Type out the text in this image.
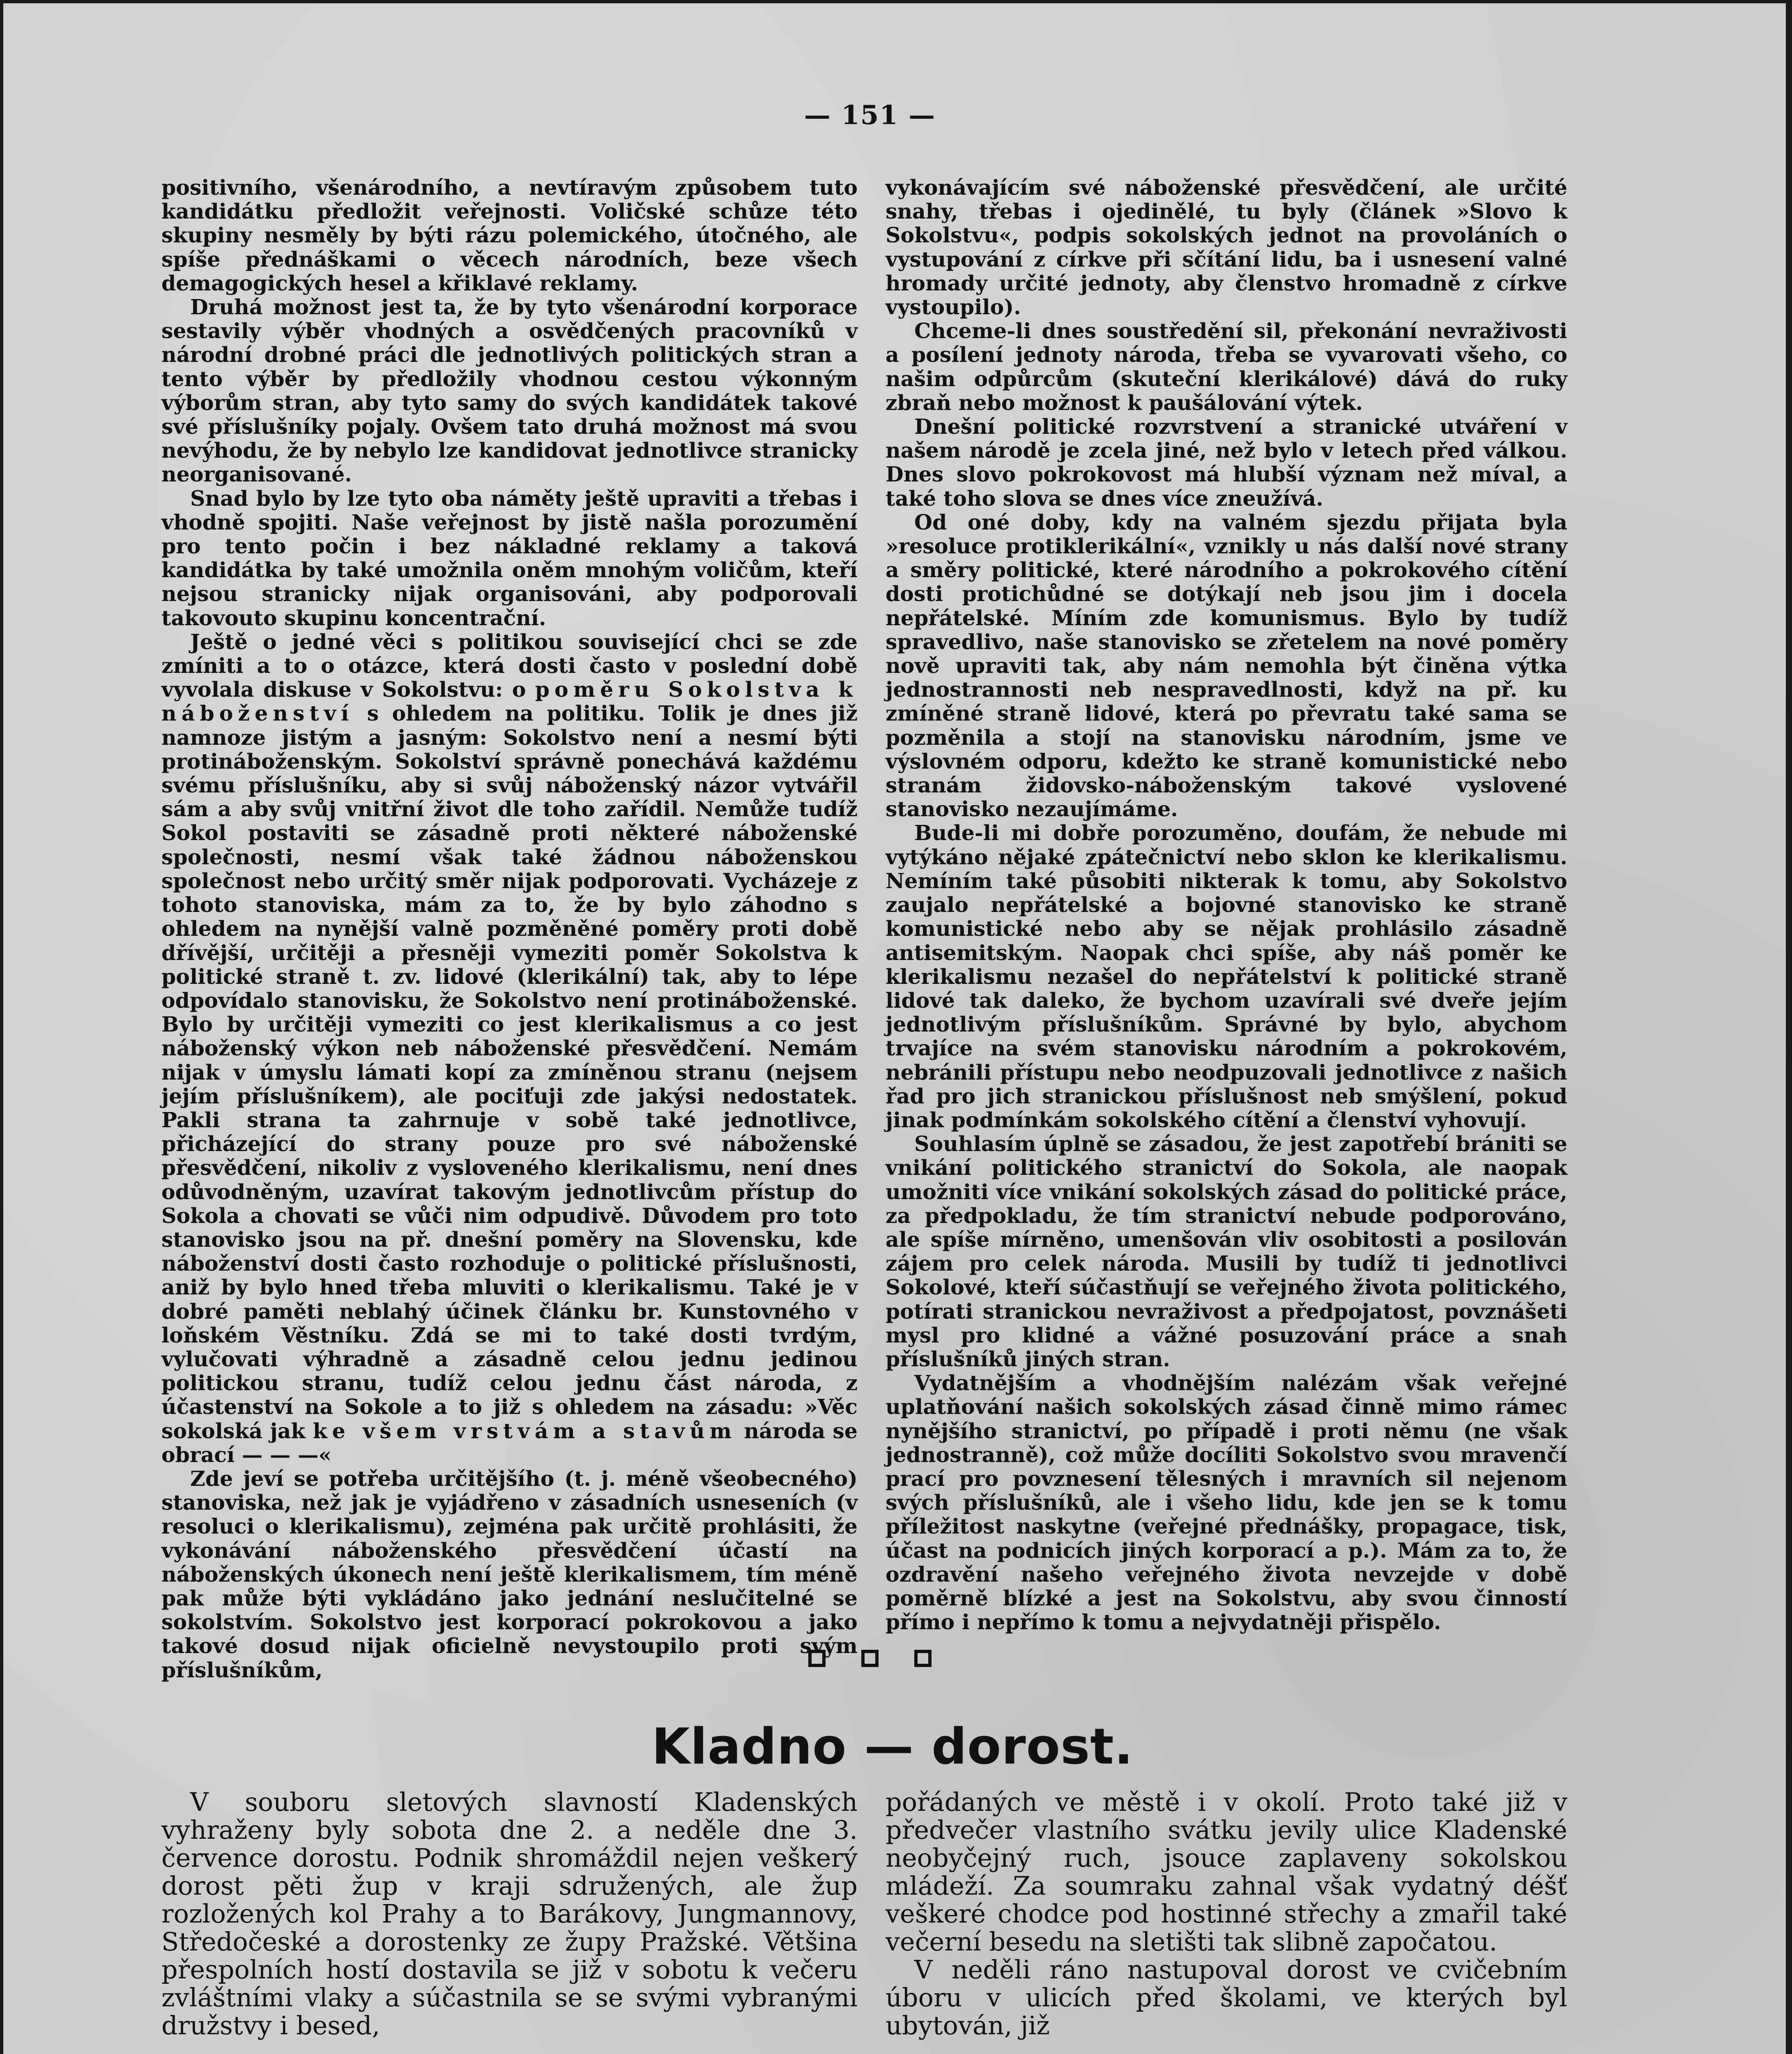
— 151 —

positivního, všenárodního, a nevtíravým způsobem tuto kandidátku předložit veřejnosti. Voličské schůze této skupiny nesměly by býti rázu polemického, útočného, ale spíše přednáškami o věcech národních, beze všech demagogických hesel a křiklavé reklamy.

Druhá možnost jest ta, že by tyto všenárodní korporace sestavily výběr vhodných a osvědčených pracovníků v národní drobné práci dle jednotlivých politických stran a tento výběr by předložily vhodnou cestou výkonným výborům stran, aby tyto samy do svých kandidátek takové své příslušníky pojaly. Ovšem tato druhá možnost má svou nevýhodu, že by nebylo lze kandidovat jednotlivce stranicky neorganisované.

Snad bylo by lze tyto oba náměty ještě upraviti a třebas i vhodně spojiti. Naše veřejnost by jistě našla porozumění pro tento počin i bez nákladné reklamy a taková kandidátka by také umožnila oněm mnohým voličům, kteří nejsou stranicky nijak organisováni, aby podporovali takovouto skupinu koncentrační.

Ještě o jedné věci s politikou související chci se zde zmíniti a to o otázce, která dosti často v poslední době vyvolala diskuse v Sokolstvu: o poměru Sokolstva k náboženství s ohledem na politiku. Tolik je dnes již namnoze jistým a jasným: Sokolstvo není a nesmí býti protináboženským. Sokolství správně ponechává každému svému příslušníku, aby si svůj náboženský názor vytvářil sám a aby svůj vnitřní život dle toho zařídil. Nemůže tudíž Sokol postaviti se zásadně proti některé náboženské společnosti, nesmí však také žádnou náboženskou společnost nebo určitý směr nijak podporovati. Vycházeje z tohoto stanoviska, mám za to, že by bylo záhodno s ohledem na nynější valně pozměněné poměry proti době dřívější, určitěji a přesněji vymeziti poměr Sokolstva k politické straně t. zv. lidové (klerikální) tak, aby to lépe odpovídalo stanovisku, že Sokolstvo není protináboženské. Bylo by určitěji vymeziti co jest klerikalismus a co jest náboženský výkon neb náboženské přesvědčení. Nemám nijak v úmyslu lámati kopí za zmíněnou stranu (nejsem jejím příslušníkem), ale pociťuji zde jakýsi nedostatek. Pakli strana ta zahrnuje v sobě také jednotlivce, přicházející do strany pouze pro své náboženské přesvědčení, nikoliv z vysloveného klerikalismu, není dnes odůvodněným, uzavírat takovým jednotlivcům přístup do Sokola a chovati se vůči nim odpudivě. Důvodem pro toto stanovisko jsou na př. dnešní poměry na Slovensku, kde náboženství dosti často rozhoduje o politické příslušnosti, aniž by bylo hned třeba mluviti o klerikalismu. Také je v dobré paměti neblahý účinek článku br. Kunstovného v loňském Věstníku. Zdá se mi to také dosti tvrdým, vylučovati výhradně a zásadně celou jednu jedinou politickou stranu, tudíž celou jednu část národa, z účastenství na Sokole a to již s ohledem na zásadu: »Věc sokolská jak ke všem vrstvám a stavům národa se obrací — — —«

Zde jeví se potřeba určitějšího (t. j. méně všeobecného) stanoviska, než jak je vyjádřeno v zásadních usneseních (v resoluci o klerikalismu), zejména pak určitě prohlásiti, že vykonávání náboženského přesvědčení účastí na náboženských úkonech není ještě klerikalismem, tím méně pak může býti vykládáno jako jednání neslučitelné se sokolstvím. Sokolstvo jest korporací pokrokovou a jako takové dosud nijak oficielně nevystoupilo proti svým příslušníkům,

vykonávajícím své náboženské přesvědčení, ale určité snahy, třebas i ojedinělé, tu byly (článek »Slovo k Sokolstvu«, podpis sokolských jednot na provoláních o vystupování z církve při sčítání lidu, ba i usnesení valné hromady určité jednoty, aby členstvo hromadně z církve vystoupilo).

Chceme-li dnes soustředění sil, překonání nevraživosti a posílení jednoty národa, třeba se vyvarovati všeho, co našim odpůrcům (skuteční klerikálové) dává do ruky zbraň nebo možnost k paušálování výtek.

Dnešní politické rozvrstvení a stranické utváření v našem národě je zcela jiné, než bylo v letech před válkou. Dnes slovo pokrokovost má hlubší význam než míval, a také toho slova se dnes více zneužívá.

Od oné doby, kdy na valném sjezdu přijata byla »resoluce protiklerikální«, vznikly u nás další nové strany a směry politické, které národního a pokrokového cítění dosti protichůdné se dotýkají neb jsou jim i docela nepřátelské. Míním zde komunismus. Bylo by tudíž spravedlivo, naše stanovisko se zřetelem na nové poměry nově upraviti tak, aby nám nemohla být činěna výtka jednostrannosti neb nespravedlnosti, když na př. ku zmíněné straně lidové, která po převratu také sama se pozměnila a stojí na stanovisku národním, jsme ve výslovném odporu, kdežto ke straně komunistické nebo stranám židovsko-náboženským takové vyslovené stanovisko nezaujímáme.

Bude-li mi dobře porozuměno, doufám, že nebude mi vytýkáno nějaké zpátečnictví nebo sklon ke klerikalismu. Nemíním také působiti nikterak k tomu, aby Sokolstvo zaujalo nepřátelské a bojovné stanovisko ke straně komunistické nebo aby se nějak prohlásilo zásadně antisemitským. Naopak chci spíše, aby náš poměr ke klerikalismu nezašel do nepřátelství k politické straně lidové tak daleko, že bychom uzavírali své dveře jejím jednotlivým příslušníkům. Správné by bylo, abychom trvajíce na svém stanovisku národním a pokrokovém, nebránili přístupu nebo neodpuzovali jednotlivce z našich řad pro jich stranickou příslušnost neb smýšlení, pokud jinak podmínkám sokolského cítění a členství vyhovují.

Souhlasím úplně se zásadou, že jest zapotřebí brániti se vnikání politického stranictví do Sokola, ale naopak umožniti více vnikání sokolských zásad do politické práce, za předpokladu, že tím stranictví nebude podporováno, ale spíše mírněno, umenšován vliv osobitosti a posilován zájem pro celek národa. Musili by tudíž ti jednotlivci Sokolové, kteří súčastňují se veřejného života politického, potírati stranickou nevraživost a předpojatost, povznášeti mysl pro klidné a vážné posuzování práce a snah příslušníků jiných stran.

Vydatnějším a vhodnějším nalézám však veřejné uplatňování našich sokolských zásad činně mimo rámec nynějšího stranictví, po případě i proti němu (ne však jednostranně), což může docíliti Sokolstvo svou mravenčí prací pro povznesení tělesných i mravních sil nejenom svých příslušníků, ale i všeho lidu, kde jen se k tomu příležitost naskytne (veřejné přednášky, propagace, tisk, účast na podnicích jiných korporací a p.). Mám za to, že ozdravění našeho veřejného života nevzejde v době poměrně blízké a jest na Sokolstvu, aby svou činností přímo i nepřímo k tomu a nejvydatněji přispělo.

Kladno — dorost.

V souboru sletových slavností Kladenských vyhraženy byly sobota dne 2. a neděle dne 3. července dorostu. Podnik shromáždil nejen veškerý dorost pěti žup v kraji sdružených, ale žup rozložených kol Prahy a to Barákovy, Jungmannovy, Středočeské a dorostenky ze župy Pražské. Většina přespolních hostí dostavila se již v sobotu k večeru zvláštními vlaky a súčastnila se se svými vybranými družstvy i besed,

pořádaných ve městě i v okolí. Proto také již v předvečer vlastního svátku jevily ulice Kladenské neobyčejný ruch, jsouce zaplaveny sokolskou mládeží. Za soumraku zahnal však vydatný déšť veškeré chodce pod hostinné střechy a zmařil také večerní besedu na sletišti tak slibně započatou.

V neděli ráno nastupoval dorost ve cvičebním úboru v ulicích před školami, ve kterých byl ubytován, již
